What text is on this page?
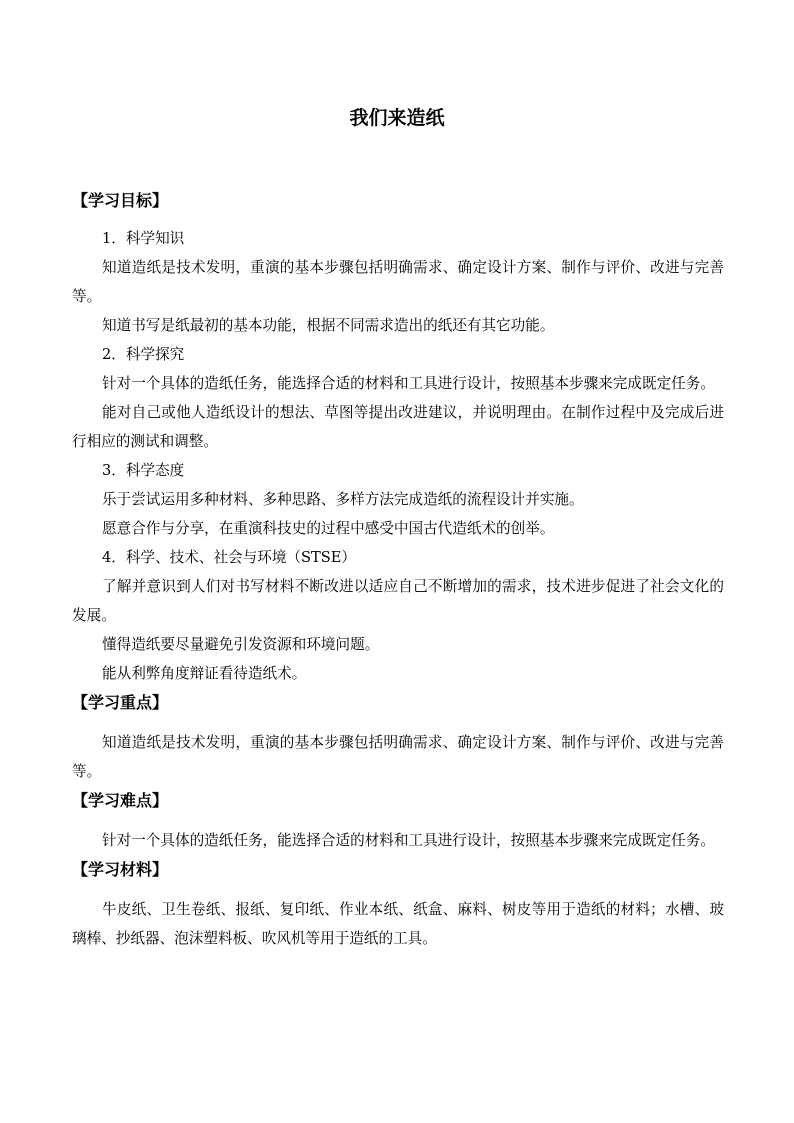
我们来造纸
【学习目标】

1．科学知识

知道造纸是技术发明，重演的基本步骤包括明确需求、确定设计方案、制作与评价、改进与完善等。

知道书写是纸最初的基本功能，根据不同需求造出的纸还有其它功能。

2．科学探究

针对一个具体的造纸任务，能选择合适的材料和工具进行设计，按照基本步骤来完成既定任务。

能对自己或他人造纸设计的想法、草图等提出改进建议，并说明理由。在制作过程中及完成后进行相应的测试和调整。

3．科学态度

乐于尝试运用多种材料、多种思路、多样方法完成造纸的流程设计并实施。

愿意合作与分享，在重演科技史的过程中感受中国古代造纸术的创举。

4．科学、技术、社会与环境（STSE）

了解并意识到人们对书写材料不断改进以适应自己不断增加的需求，技术进步促进了社会文化的发展。

懂得造纸要尽量避免引发资源和环境问题。

能从利弊角度辩证看待造纸术。

【学习重点】

知道造纸是技术发明，重演的基本步骤包括明确需求、确定设计方案、制作与评价、改进与完善等。

【学习难点】

针对一个具体的造纸任务，能选择合适的材料和工具进行设计，按照基本步骤来完成既定任务。

【学习材料】

牛皮纸、卫生卷纸、报纸、复印纸、作业本纸、纸盒、麻料、树皮等用于造纸的材料；水槽、玻璃棒、抄纸器、泡沫塑料板、吹风机等用于造纸的工具。
